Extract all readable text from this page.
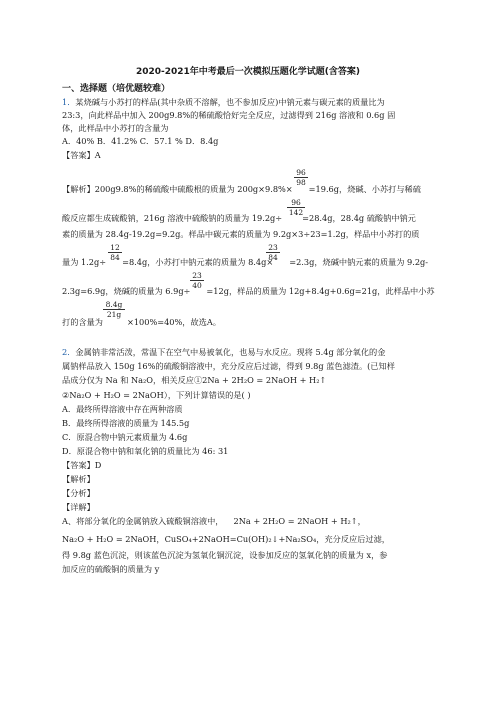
2020-2021年中考最后一次模拟压题化学试题(含答案)
一、选择题（培优题较难）
1．某烧碱与小苏打的样品(其中杂质不溶解，也不参加反应)中钠元素与碳元素的质量比为
23:3，向此样品中加入 200g9.8%的稀硫酸恰好完全反应，过滤得到 216g 溶液和 0.6g 固
体，此样品中小苏打的含量为
A．40% B．41.2% C．57.1 % D．8.4g
【答案】A
$\frac{96}{98}$
【解析】200g9.8%的稀硫酸中硫酸根的质量为 200g×9.8%× =19.6g，烧碱、小苏打与稀硫
$\frac{96}{142}$
酸反应都生成硫酸钠，216g 溶液中硫酸钠的质量为 19.2g÷ =28.4g，28.4g 硫酸钠中钠元
素的质量为 28.4g-19.2g=9.2g。样品中碳元素的质量为 9.2g×3÷23=1.2g，样品中小苏打的质
$\frac{12}{84}$	$\frac{23}{84}$
量为 1.2g÷ =8.4g，小苏打中钠元素的质量为 8.4g× =2.3g，烧碱中钠元素的质量为 9.2g-
$\frac{23}{40}$
2.3g=6.9g，烧碱的质量为 6.9g÷ =12g，样品的质量为 12g+8.4g+0.6g=21g，此样品中小苏
$\frac{8.4g}{21g}$
打的含量为	×100%=40%，故选A。
2．金属钠非常活泼，常温下在空气中易被氧化，也易与水反应。现将 5.4g 部分氧化的金
属钠样品放入 150g 16%的硫酸铜溶液中，充分反应后过滤，得到 9.8g 蓝色滤渣。(已知样
品成分仅为 Na 和 Na₂O，相关反应①2Na + 2H₂O = 2NaOH + H₂↑
②Na₂O + H₂O = 2NaOH），下列计算错误的是( )
A．最终所得溶液中存在两种溶质
B．最终所得溶液的质量为 145.5g
C．原混合物中钠元素质量为 4.6g
D．原混合物中钠和氧化钠的质量比为 46: 31
【答案】D
【解析】
【分析】
【详解】
A、将部分氧化的金属钠放入硫酸铜溶液中， 2Na + 2H₂O = 2NaOH + H₂↑，
Na₂O + H₂O = 2NaOH，CuSO₄+2NaOH=Cu(OH)₂↓+Na₂SO₄，充分反应后过滤，
得 9.8g 蓝色沉淀，则该蓝色沉淀为氢氧化铜沉淀，设参加反应的氢氧化钠的质量为 x，参
加反应的硫酸铜的质量为 y
